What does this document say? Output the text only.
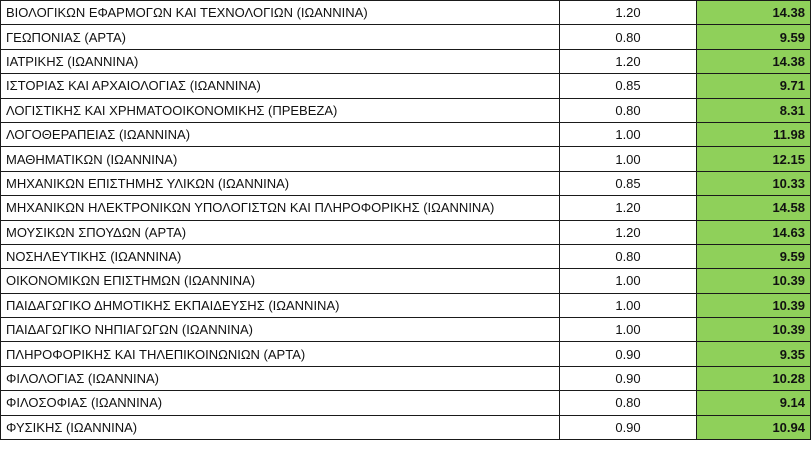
ΒΙΟΛΟΓΙΚΩΝ ΕΦΑΡΜΟΓΩΝ ΚΑΙ ΤΕΧΝΟΛΟΓΙΩΝ (ΙΩΑΝΝΙΝΑ)	1.20	14.38
ΓΕΩΠΟΝΙΑΣ (ΑΡΤΑ)	0.80	9.59
ΙΑΤΡΙΚΗΣ (ΙΩΑΝΝΙΝΑ)	1.20	14.38
ΙΣΤΟΡΙΑΣ ΚΑΙ ΑΡΧΑΙΟΛΟΓΙΑΣ (ΙΩΑΝΝΙΝΑ)	0.85	9.71
ΛΟΓΙΣΤΙΚΗΣ ΚΑΙ ΧΡΗΜΑΤΟΟΙΚΟΝΟΜΙΚΗΣ (ΠΡΕΒΕΖΑ)	0.80	8.31
ΛΟΓΟΘΕΡΑΠΕΙΑΣ (ΙΩΑΝΝΙΝΑ)	1.00	11.98
ΜΑΘΗΜΑΤΙΚΩΝ (ΙΩΑΝΝΙΝΑ)	1.00	12.15
ΜΗΧΑΝΙΚΩΝ ΕΠΙΣΤΗΜΗΣ ΥΛΙΚΩΝ (ΙΩΑΝΝΙΝΑ)	0.85	10.33
ΜΗΧΑΝΙΚΩΝ ΗΛΕΚΤΡΟΝΙΚΩΝ ΥΠΟΛΟΓΙΣΤΩΝ ΚΑΙ ΠΛΗΡΟΦΟΡΙΚΗΣ (ΙΩΑΝΝΙΝΑ)	1.20	14.58
ΜΟΥΣΙΚΩΝ ΣΠΟΥΔΩΝ (ΑΡΤΑ)	1.20	14.63
ΝΟΣΗΛΕΥΤΙΚΗΣ (ΙΩΑΝΝΙΝΑ)	0.80	9.59
ΟΙΚΟΝΟΜΙΚΩΝ ΕΠΙΣΤΗΜΩΝ (ΙΩΑΝΝΙΝΑ)	1.00	10.39
ΠΑΙΔΑΓΩΓΙΚΟ ΔΗΜΟΤΙΚΗΣ ΕΚΠΑΙΔΕΥΣΗΣ (ΙΩΑΝΝΙΝΑ)	1.00	10.39
ΠΑΙΔΑΓΩΓΙΚΟ ΝΗΠΙΑΓΩΓΩΝ (ΙΩΑΝΝΙΝΑ)	1.00	10.39
ΠΛΗΡΟΦΟΡΙΚΗΣ ΚΑΙ ΤΗΛΕΠΙΚΟΙΝΩΝΙΩΝ (ΑΡΤΑ)	0.90	9.35
ΦΙΛΟΛΟΓΙΑΣ (ΙΩΑΝΝΙΝΑ)	0.90	10.28
ΦΙΛΟΣΟΦΙΑΣ (ΙΩΑΝΝΙΝΑ)	0.80	9.14
ΦΥΣΙΚΗΣ (ΙΩΑΝΝΙΝΑ)	0.90	10.94
